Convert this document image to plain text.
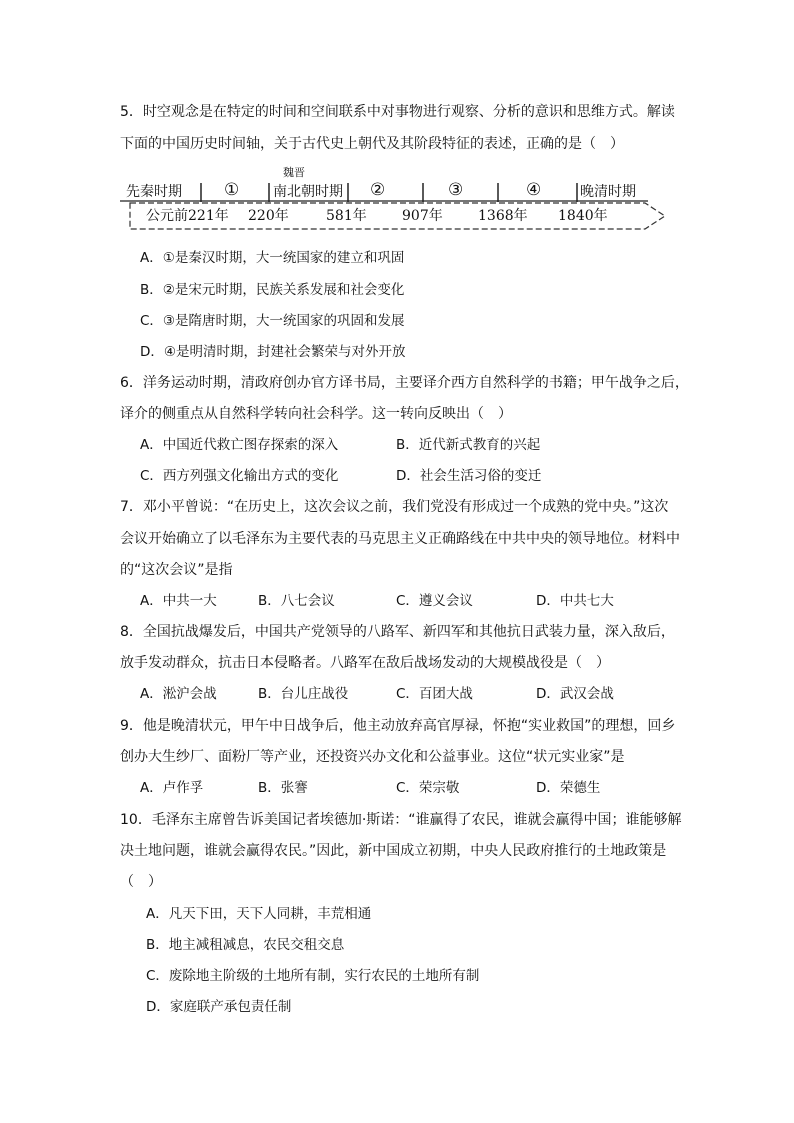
5．时空观念是在特定的时间和空间联系中对事物进行观察、分析的意识和思维方式。解读
下面的中国历史时间轴，关于古代史上朝代及其阶段特征的表述，正确的是（　）
魏晋
先秦时期 ① 南北朝时期 ②	③	④	晚清时期
公元前221年 220年	581年	907年	1368年 1840年
A．①是秦汉时期，大一统国家的建立和巩固
B．②是宋元时期，民族关系发展和社会变化
C．③是隋唐时期，大一统国家的巩固和发展
D．④是明清时期，封建社会繁荣与对外开放
6．洋务运动时期，清政府创办官方译书局，主要译介西方自然科学的书籍；甲午战争之后，
译介的侧重点从自然科学转向社会科学。这一转向反映出（　）
A．中国近代救亡图存探索的深入	B．近代新式教育的兴起
C．西方列强文化输出方式的变化	D．社会生活习俗的变迁
7．邓小平曾说：“在历史上，这次会议之前，我们党没有形成过一个成熟的党中央。”这次
会议开始确立了以毛泽东为主要代表的马克思主义正确路线在中共中央的领导地位。材料中
的“这次会议”是指
A．中共一大	B．八七会议	C．遵义会议	D．中共七大
8．全国抗战爆发后，中国共产党领导的八路军、新四军和其他抗日武装力量，深入敌后，
放手发动群众，抗击日本侵略者。八路军在敌后战场发动的大规模战役是（　）
A．淞沪会战	B．台儿庄战役	C．百团大战	D．武汉会战
9．他是晚清状元，甲午中日战争后，他主动放弃高官厚禄，怀抱“实业救国”的理想，回乡
创办大生纱厂、面粉厂等产业，还投资兴办文化和公益事业。这位“状元实业家”是
A．卢作孚	B．张謇	C．荣宗敬	D．荣德生
10．毛泽东主席曾告诉美国记者埃德加·斯诺：“谁赢得了农民，谁就会赢得中国；谁能够解
决土地问题，谁就会赢得农民。”因此，新中国成立初期，中央人民政府推行的土地政策是
（　）
A．凡天下田，天下人同耕，丰荒相通
B．地主减租减息，农民交租交息
C．废除地主阶级的土地所有制，实行农民的土地所有制
D．家庭联产承包责任制
